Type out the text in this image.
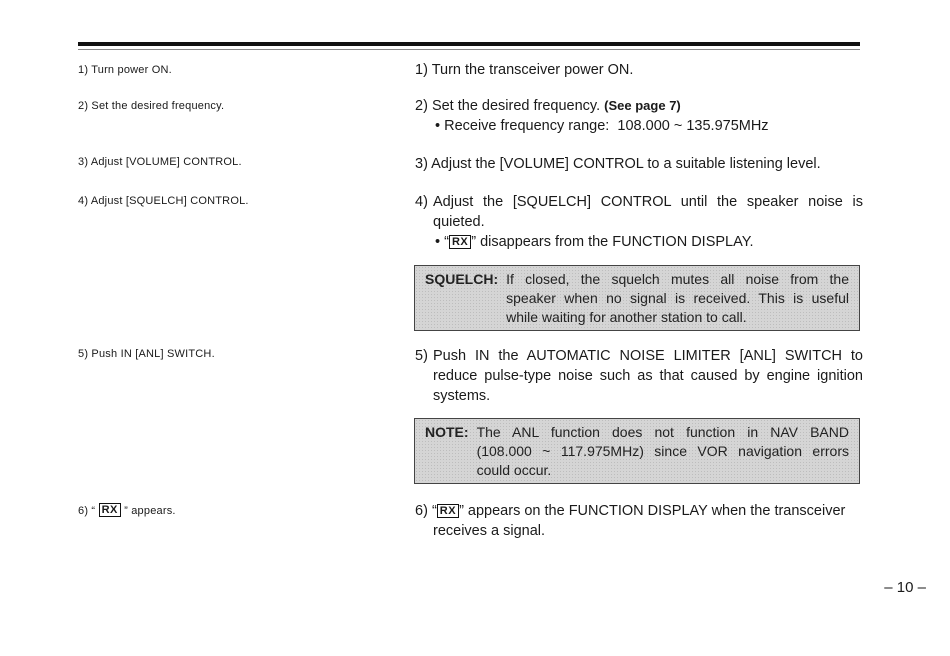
1) Turn power ON.
2) Set the desired frequency.
3) Adjust [VOLUME] CONTROL.
4) Adjust [SQUELCH] CONTROL.
5) Push IN [ANL] SWITCH.
6) “ RX ” appears.
1) Turn the transceiver power ON.
2) Set the desired frequency. (See page 7)
• Receive frequency range: 108.000 ~ 135.975MHz
3) Adjust the [VOLUME] CONTROL to a suitable listening level.
4) Adjust the [SQUELCH] CONTROL until the speaker noise is
quieted.
• “ RX ” disappears from the FUNCTION DISPLAY.
SQUELCH: If closed, the squelch mutes all noise from the
speaker when no signal is received. This is useful
while waiting for another station to call.
5) Push IN the AUTOMATIC NOISE LIMITER [ANL] SWITCH to
reduce pulse-type noise such as that caused by engine ignition
systems.
NOTE: The ANL function does not function in NAV BAND
(108.000 ~ 117.975MHz) since VOR navigation errors
could occur.
6) “ RX ” appears on the FUNCTION DISPLAY when the transceiver
receives a signal.
– 10 –
